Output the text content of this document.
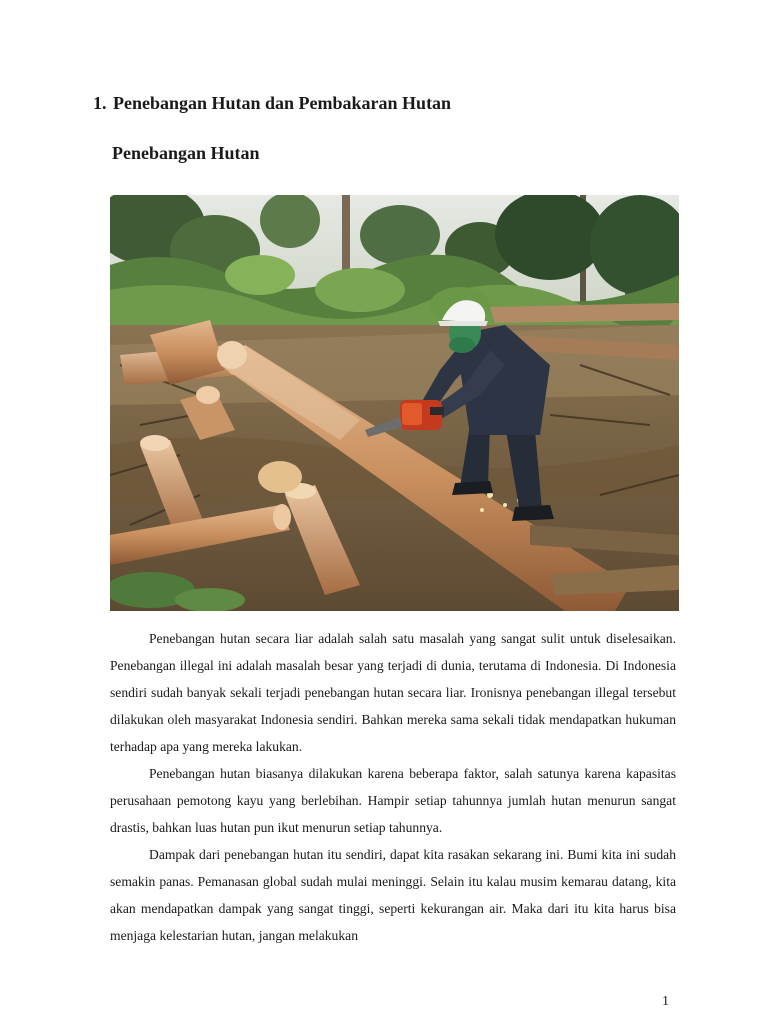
1. Penebangan Hutan dan Pembakaran Hutan
Penebangan Hutan

Penebangan hutan secara liar adalah salah satu masalah yang sangat sulit untuk diselesaikan. Penebangan illegal ini adalah masalah besar yang terjadi di dunia, terutama di Indonesia. Di Indonesia sendiri sudah banyak sekali terjadi penebangan hutan secara liar. Ironisnya penebangan illegal tersebut dilakukan oleh masyarakat Indonesia sendiri. Bahkan mereka sama sekali tidak mendapatkan hukuman terhadap apa yang mereka lakukan.

Penebangan hutan biasanya dilakukan karena beberapa faktor, salah satunya karena kapasitas perusahaan pemotong kayu yang berlebihan. Hampir setiap tahunnya jumlah hutan menurun sangat drastis, bahkan luas hutan pun ikut menurun setiap tahunnya.

Dampak dari penebangan hutan itu sendiri, dapat kita rasakan sekarang ini. Bumi kita ini sudah semakin panas. Pemanasan global sudah mulai meninggi. Selain itu kalau musim kemarau datang, kita akan mendapatkan dampak yang sangat tinggi, seperti kekurangan air. Maka dari itu kita harus bisa menjaga kelestarian hutan, jangan melakukan

1
